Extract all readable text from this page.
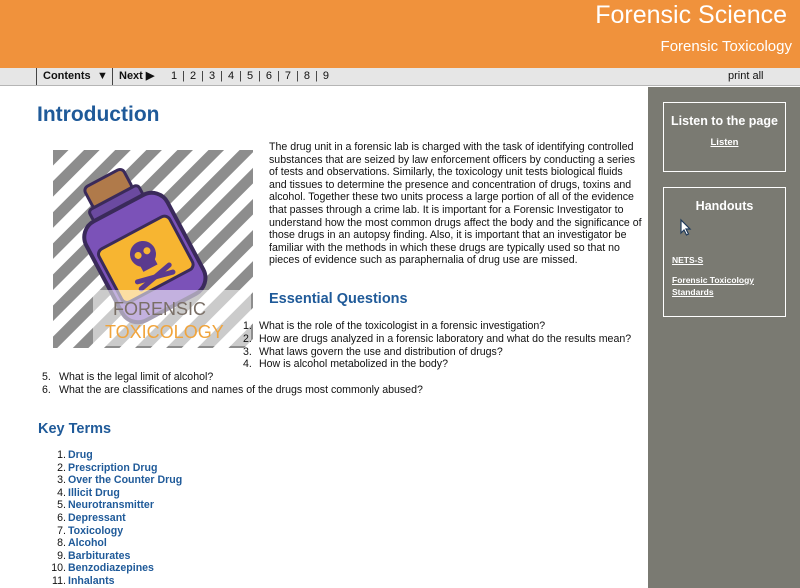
Forensic Science
Forensic Toxicology
Contents ▼	Next ▶	1 | 2 | 3 | 4 | 5 | 6 | 7 | 8 | 9	print all
Introduction
FORENSIC
TOXICOLOGY

The drug unit in a forensic lab is charged with the task of identifying controlled substances that are seized by law enforcement officers by conducting a series of tests and observations. Similarly, the toxicology unit tests biological fluids and tissues to determine the presence and concentration of drugs, toxins and alcohol. Together these two units process a large portion of all of the evidence that passes through a crime lab. It is important for a Forensic Investigator to understand how the most common drugs affect the body and the significance of those drugs in an autopsy finding. Also, it is important that an investigator be familiar with the methods in which these drugs are typically used so that no pieces of evidence such as paraphernalia of drug use are missed.

Essential Questions
1. What is the role of the toxicologist in a forensic investigation?
2. How are drugs analyzed in a forensic laboratory and what do the results mean?
3. What laws govern the use and distribution of drugs?
4. How is alcohol metabolized in the body?
5. What is the legal limit of alcohol?
6. What the are classifications and names of the drugs most commonly abused?
Key Terms
1. Drug
2. Prescription Drug
3. Over the Counter Drug
4. Illicit Drug
5. Neurotransmitter
6. Depressant
7. Toxicology
8. Alcohol
9. Barbiturates
10. Benzodiazepines
11. Inhalants
Listen to the page
Listen
Handouts
NETS-S
Forensic Toxicology Standards
